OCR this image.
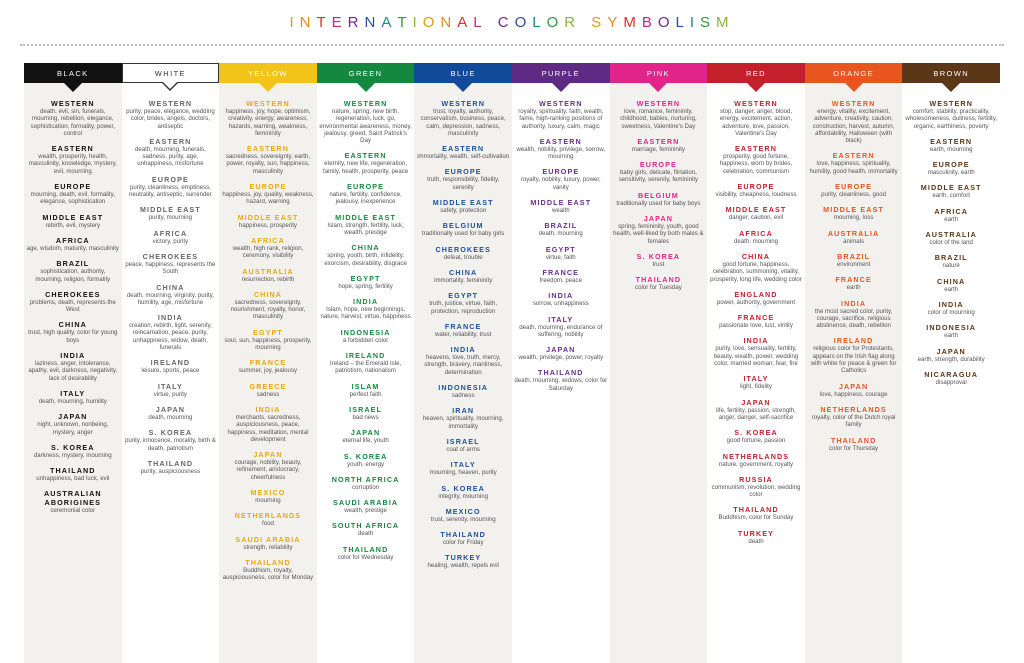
INTERNATIONAL COLOR SYMBOLISM
BLACK
WESTERN
death, evil, sin, funerals, mourning, rebellion, elegance, sophistication, formality, power, control
EASTERN
wealth, prosperity, health, masculinity, knowledge, mystery, evil, mourning
EUROPE
mourning, death, evil, formality, elegance, sophistication
MIDDLE EAST
rebirth, evil, mystery
AFRICA
age, wisdom, maturity, masculinity
BRAZIL
sophistication, authority, mourning, religion, formality
CHEROKEES
problems, death, represents the West
CHINA
trust, high quality, color for young boys
INDIA
laziness, anger, intolerance, apathy, evil, darkness, negativity, lack of desirability
ITALY
death, mourning, humility
JAPAN
night, unknown, nonbeing, mystery, anger
S. KOREA
darkness, mystery, mourning
THAILAND
unhappiness, bad luck, evil
AUSTRALIAN ABORIGINES
ceremonial color
WHITE
WESTERN
purity, peace, elegance, wedding color, brides, angels, doctors, antiseptic
EASTERN
death, mourning, funerals, sadness, purity, age, unhappiness, misfortune
EUROPE
purity, cleanliness, emptiness, neutrality, antiseptic, surrender
MIDDLE EAST
purity, mourning
AFRICA
victory, purity
CHEROKEES
peace, happiness, represents the South
CHINA
death, mourning, virginity, purity, humility, age, misfortune
INDIA
creation, rebirth, light, serenity, reincarnation, peace, purity, unhappiness, widow, death, funerals
IRELAND
leisure, sports, peace
ITALY
virtue, purity
JAPAN
death, mourning
S. KOREA
purity, innocence, morality, birth & death, patriotism
THAILAND
purity, auspiciousness
YELLOW
WESTERN
happiness, joy, hope, optimism, creativity, energy, awareness, hazards, warning, weakness, femininity
EASTERN
sacredness, sovereignty, earth, power, royalty, sun, happiness, masculinity
EUROPE
happiness, joy, quality, weakness, hazard, warning
MIDDLE EAST
happiness, prosperity
AFRICA
wealth, high rank, religion, ceremony, visibility
AUSTRALIA
resurrection, rebirth
CHINA
sacredness, sovereignty, nourishment, royalty, honor, masculinity
EGYPT
soul, sun, happiness, prosperity, mourning
FRANCE
summer, joy, jealousy
GREECE
sadness
INDIA
merchants, sacredness, auspiciousness, peace, happiness, meditation, mental development
JAPAN
courage, nobility, beauty, refinement, aristocracy, cheerfulness
MEXICO
mourning
NETHERLANDS
food
SAUDI ARABIA
strength, reliability
THAILAND
Buddhism, royalty, auspiciousness, color for Monday
GREEN
WESTERN
nature, spring, new birth, regeneration, luck, go, environmental awareness, money, jealousy, greed, Saint Patrick's Day
EASTERN
eternity, new life, regeneration, family, health, prosperity, peace
EUROPE
nature, fertility, confidence, jealousy, inexperience
MIDDLE EAST
Islam, strength, fertility, luck, wealth, prestige
CHINA
spring, youth, birth, infidelity, exorcism, desirability, disgrace
EGYPT
hope, spring, fertility
INDIA
Islam, hope, new beginnings, nature, harvest, virtue, happiness
INDONESIA
a forbidden color
IRELAND
Ireland – the Emerald Isle, patriotism, nationalism
ISLAM
perfect faith
ISRAEL
bad news
JAPAN
eternal life, youth
S. KOREA
youth, energy
NORTH AFRICA
corruption
SAUDI ARABIA
wealth, prestige
SOUTH AFRICA
death
THAILAND
color for Wednesday
BLUE
WESTERN
trust, loyalty, authority, conservatism, business, peace, calm, depression, sadness, masculinity
EASTERN
immortality, wealth, self-cultivation
EUROPE
truth, responsibility, fidelity, serenity
MIDDLE EAST
safety, protection
BELGIUM
traditionally used for baby girls
CHEROKEES
defeat, trouble
CHINA
immortality, femininity
EGYPT
truth, justice, virtue, faith, protection, reproduction
FRANCE
water, reliability, trust
INDIA
heavens, love, truth, mercy, strength, bravery, manliness, determination
INDONESIA
sadness
IRAN
heaven, spirituality, mourning, immortality
ISRAEL
coat of arms
ITALY
mourning, heaven, purity
S. KOREA
integrity, mourning
MEXICO
trust, serenity, mourning
THAILAND
color for Friday
TURKEY
healing, wealth, repels evil
PURPLE
WESTERN
royalty, spirituality, faith, wealth, fame, high-ranking positions of authority, luxury, calm, magic
EASTERN
wealth, nobility, privilege, sorrow, mourning
EUROPE
royalty, nobility, luxury, power, vanity
MIDDLE EAST
wealth
BRAZIL
death, mourning
EGYPT
virtue, faith
FRANCE
freedom, peace
INDIA
sorrow, unhappiness
ITALY
death, mourning, endurance of suffering, nobility
JAPAN
wealth, privilege, power, royalty
THAILAND
death, mourning, widows, color for Saturday
PINK
WESTERN
love, romance, femininity, childhood, babies, nurturing, sweetness, Valentine's Day
EASTERN
marriage, femininity
EUROPE
baby girls, delicate, flirtation, sensitivity, serenity, femininity
BELGIUM
traditionally used for baby boys
JAPAN
spring, femininity, youth, good health, well-liked by both males & females
S. KOREA
trust
THAILAND
color for Tuesday
RED
WESTERN
stop, danger, anger, blood, energy, excitement, action, adventure, love, passion, Valentine's Day
EASTERN
prosperity, good fortune, happiness, worn by brides, celebration, communism
EUROPE
visibility, cheapness, loudness
MIDDLE EAST
danger, caution, evil
AFRICA
death, mourning
CHINA
good fortune, happiness, celebration, summoning, vitality, prosperity, long life, wedding color
ENGLAND
power, authority, government
FRANCE
passionate love, lust, virility
INDIA
purity, love, sensuality, fertility, beauty, wealth, power, wedding color, married woman, fear, fire
ITALY
light, fidelity
JAPAN
life, fertility, passion, strength, anger, danger, self-sacrifice
S. KOREA
good fortune, passion
NETHERLANDS
nature, government, royalty
RUSSIA
communism, revolution, wedding color
THAILAND
Buddhism, color for Sunday
TURKEY
death
ORANGE
WESTERN
energy, vitality, excitement, adventure, creativity, caution, construction, harvest, autumn, affordability, Halloween (with black)
EASTERN
love, happiness, spirituality, humility, good health, immortality
EUROPE
purity, cleanliness, good
MIDDLE EAST
mourning, loss
AUSTRALIA
animals
BRAZIL
environment
FRANCE
earth
INDIA
the most sacred color, purity, courage, sacrifice, religious abstinence, death, rebellion
IRELAND
religious color for Protestants, appears on the Irish flag along with white for peace & green for Catholics
JAPAN
love, happiness, courage
NETHERLANDS
royalty, color of the Dutch royal family
THAILAND
color for Thursday
BROWN
WESTERN
comfort, stability, practicality, wholesomeness, dullness, fertility, organic, earthiness, poverty
EASTERN
earth, mourning
EUROPE
masculinity, earth
MIDDLE EAST
earth, comfort
AFRICA
earth
AUSTRALIA
color of the land
BRAZIL
nature
CHINA
earth
INDIA
color of mourning
INDONESIA
earth
JAPAN
earth, strength, durability
NICARAGUA
disapproval
